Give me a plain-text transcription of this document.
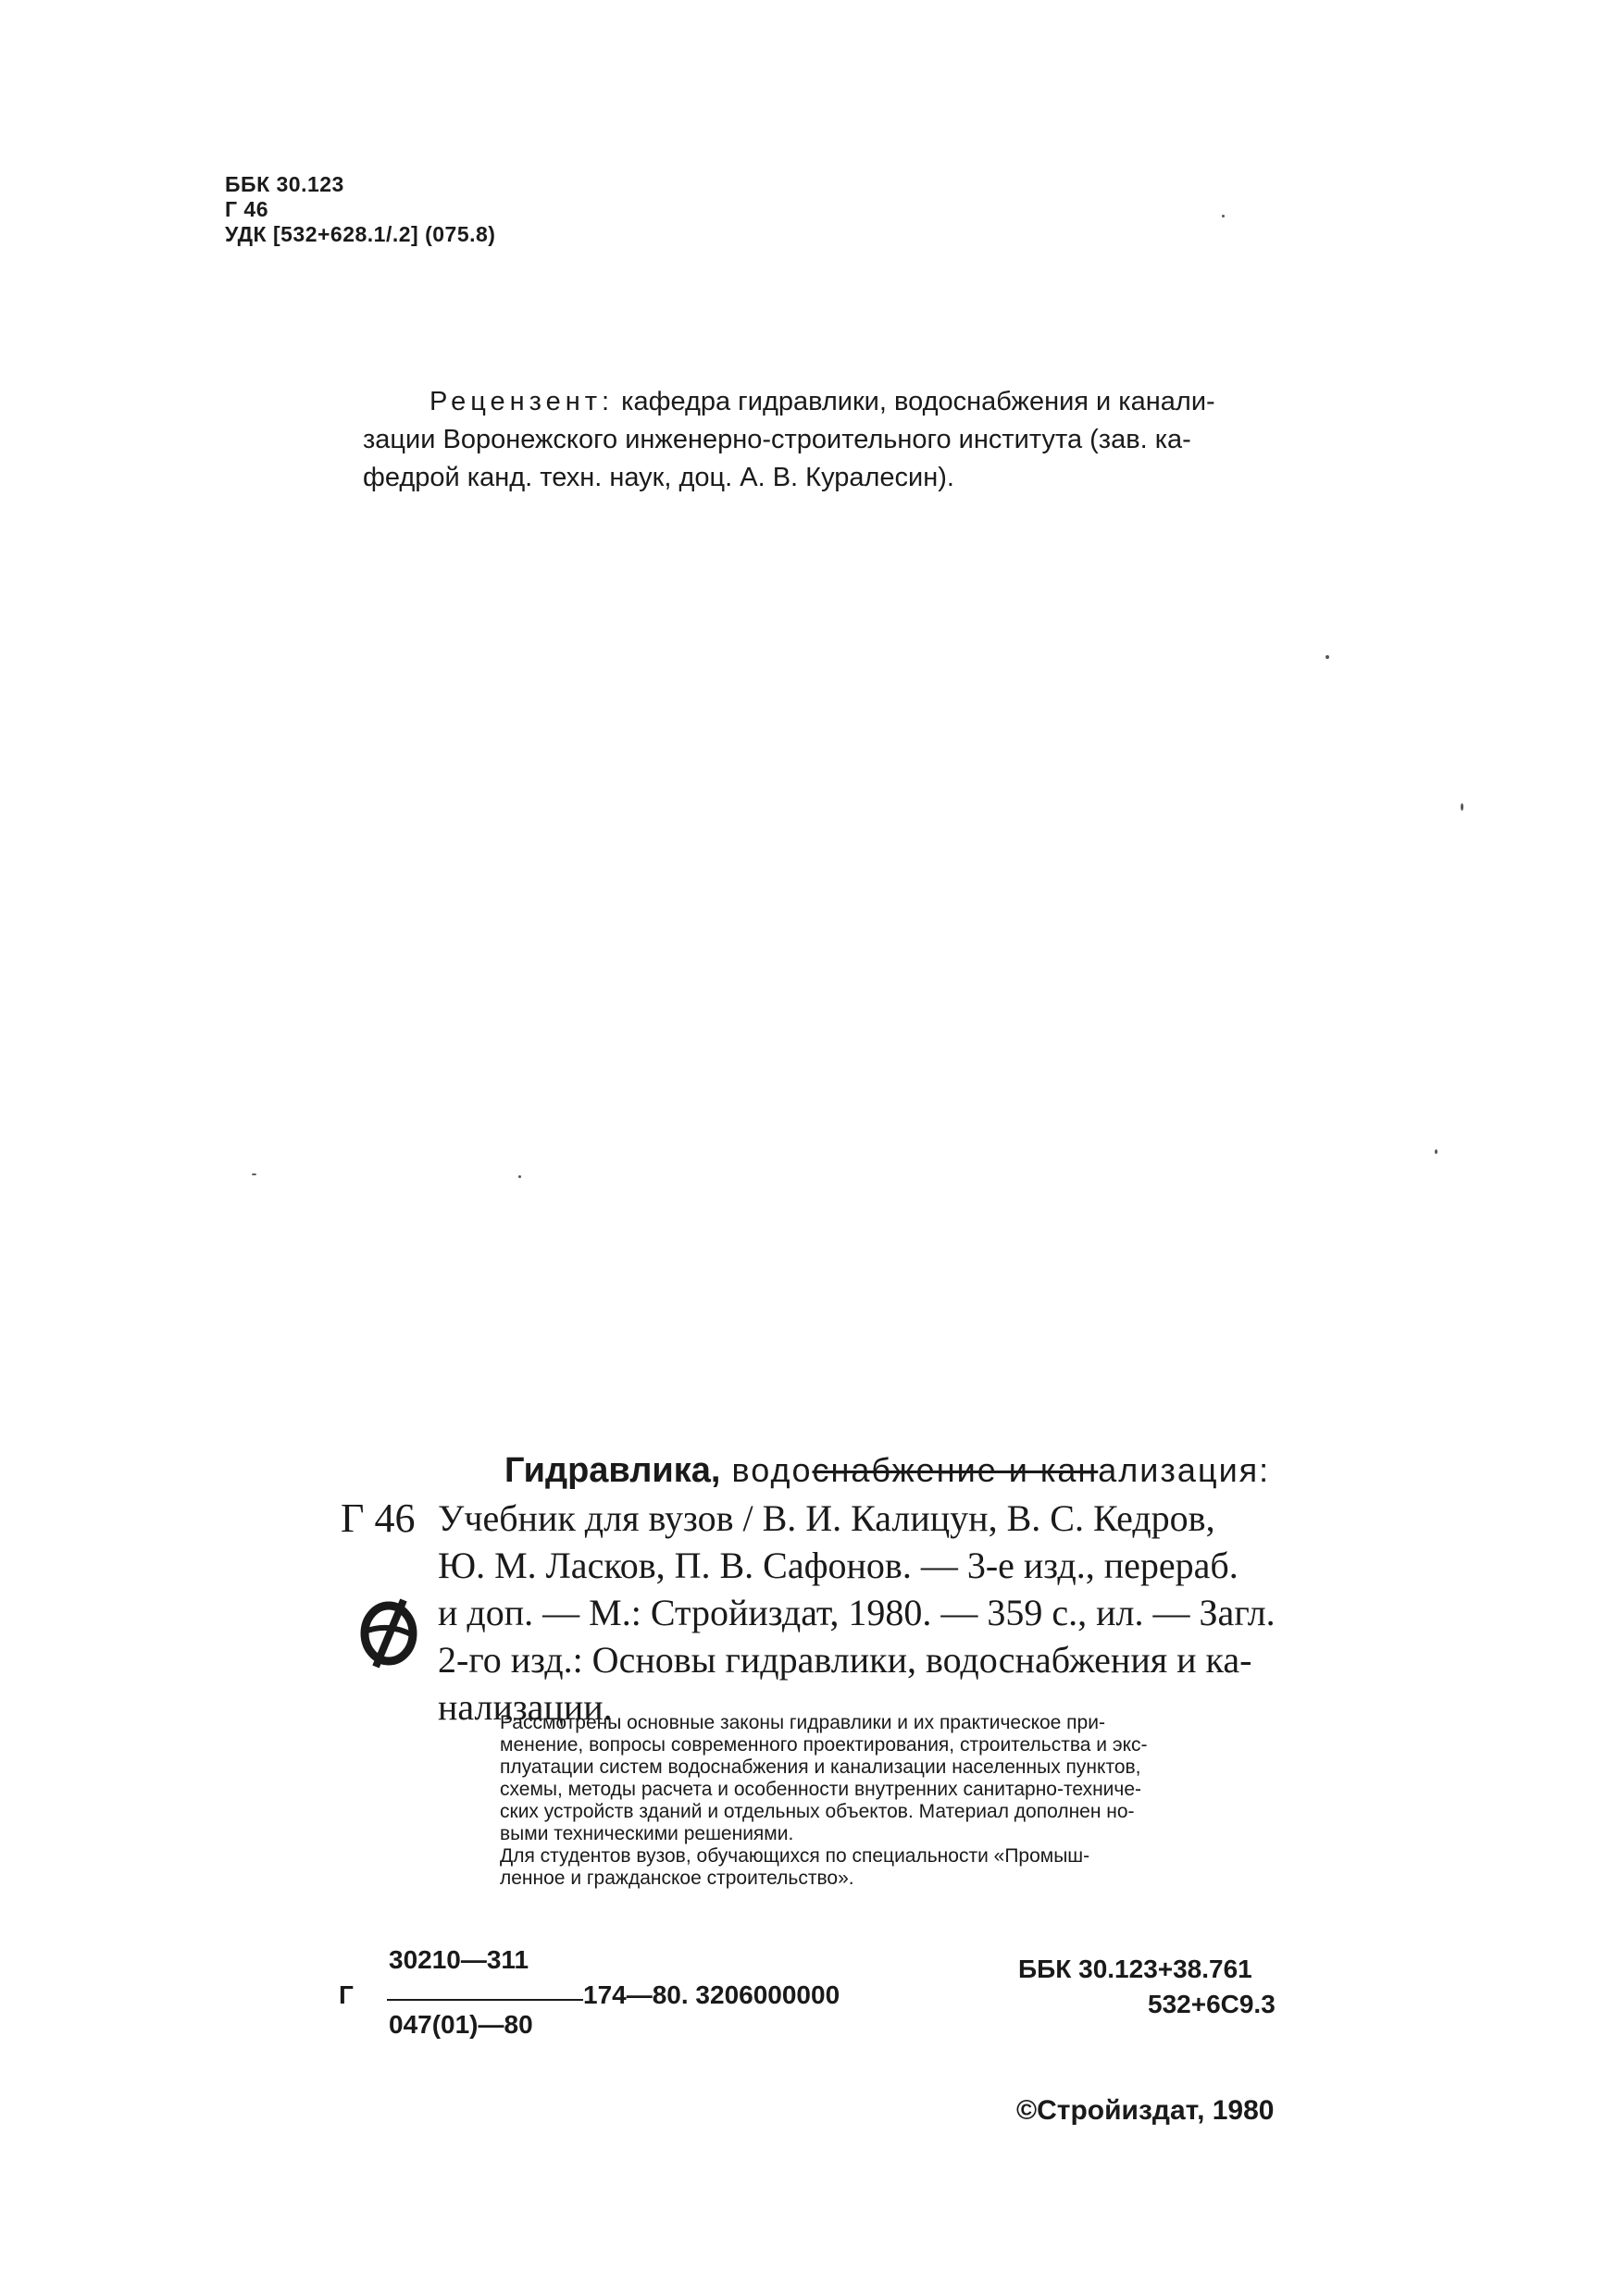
ББК 30.123
Г 46
УДК [532+628.1/.2] (075.8)

Рецензент: кафедра гидравлики, водоснабжения и канали-

зации Воронежского инженерно-строительного института (зав. ка-

федрой канд. техн. наук, доц. А. В. Куралесин).

Г 46

Гидравлика, водоснабжение и канализация:

Учебник для вузов / В. И. Калицун, В. С. Кедров,

Ю. М. Ласков, П. В. Сафонов. — 3-е изд., перераб.

и доп. — М.: Стройиздат, 1980. — 359 с., ил. — Загл.

2-го изд.: Основы гидравлики, водоснабжения и ка-

нализации.

Рассмотрены основные законы гидравлики и их практическое при-

менение, вопросы современного проектирования, строительства и экс-

плуатации систем водоснабжения и канализации населенных пунктов,

схемы, методы расчета и особенности внутренних санитарно-техниче-

ских устройств зданий и отдельных объектов. Материал дополнен но-

выми техническими решениями.

Для студентов вузов, обучающихся по специальности «Промыш-

ленное и гражданское строительство».

Г
30210—311
174—80. 3206000000
047(01)—80
ББК 30.123+38.761
532+6С9.3
©Стройиздат, 1980
